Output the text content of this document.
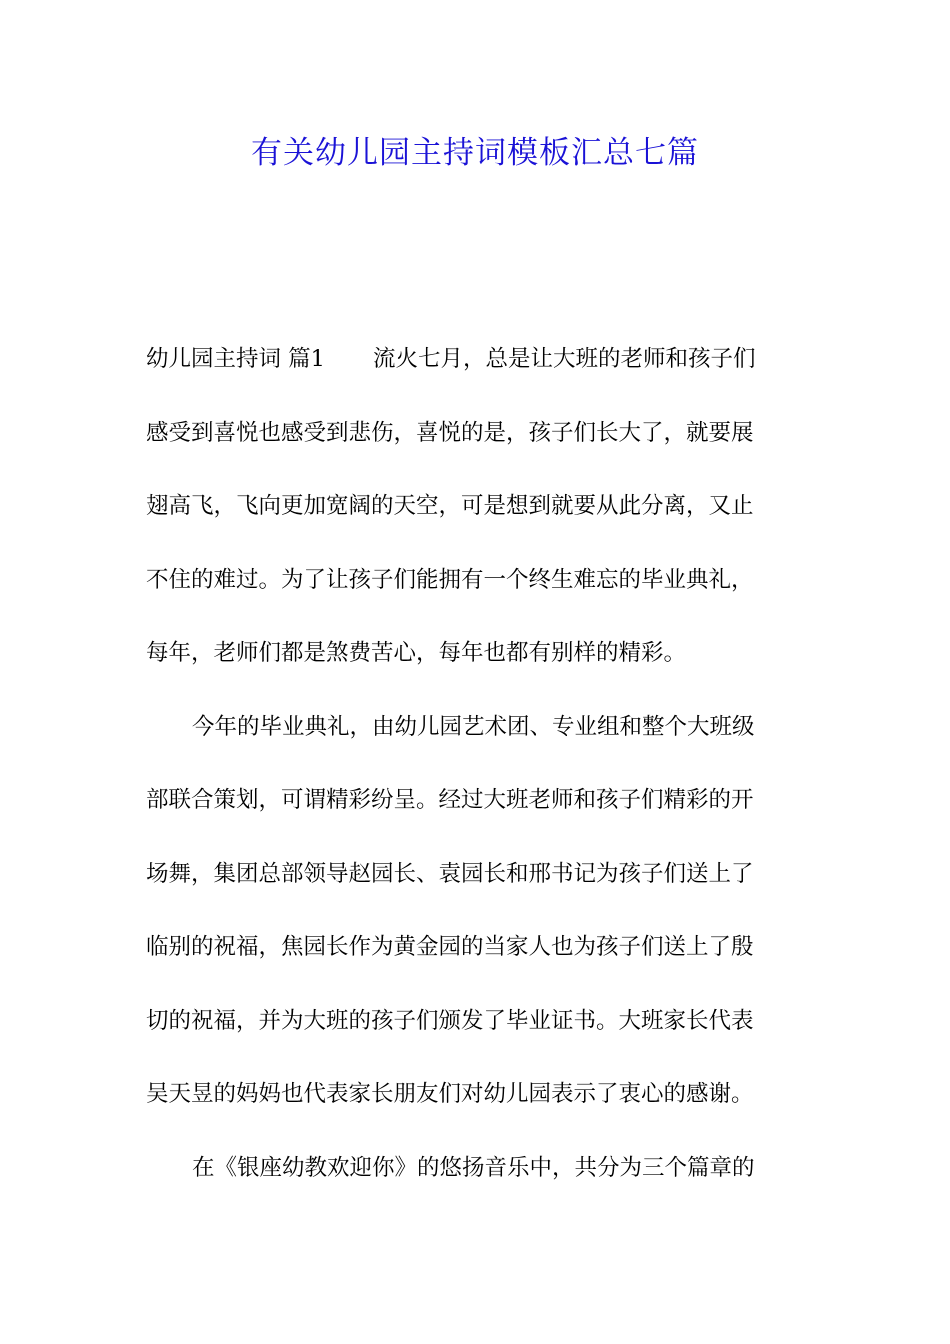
有关幼儿园主持词模板汇总七篇
幼儿园主持词 篇1 流火七月，总是让大班的老师和孩子们
感受到喜悦也感受到悲伤，喜悦的是，孩子们长大了，就要展
翅高飞，飞向更加宽阔的天空，可是想到就要从此分离，又止
不住的难过。为了让孩子们能拥有一个终生难忘的毕业典礼，
每年，老师们都是煞费苦心，每年也都有别样的精彩。
今年的毕业典礼，由幼儿园艺术团、专业组和整个大班级
部联合策划，可谓精彩纷呈。经过大班老师和孩子们精彩的开
场舞，集团总部领导赵园长、袁园长和邢书记为孩子们送上了
临别的祝福，焦园长作为黄金园的当家人也为孩子们送上了殷
切的祝福，并为大班的孩子们颁发了毕业证书。大班家长代表
吴天昱的妈妈也代表家长朋友们对幼儿园表示了衷心的感谢。
在《银座幼教欢迎你》的悠扬音乐中，共分为三个篇章的
